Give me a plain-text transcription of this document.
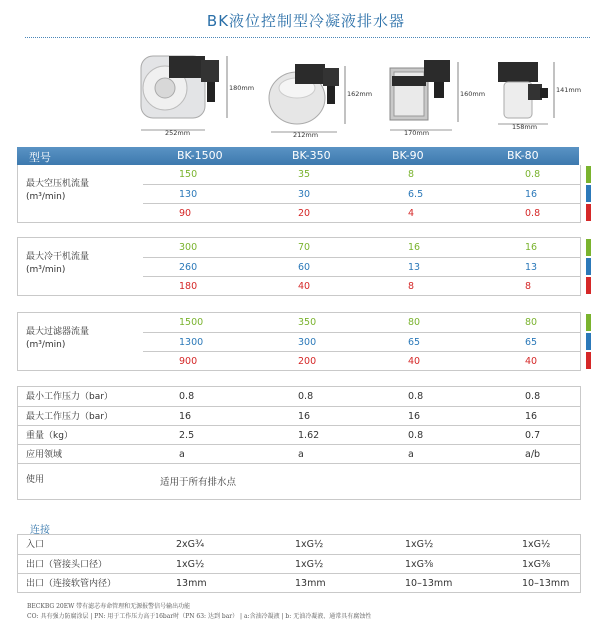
BK液位控制型冷凝液排水器
252mm
180mm
212mm
162mm
170mm
160mm
158mm
141mm
型号	BK-1500	BK-350	BK-90	BK-80
最大空压机流量
(m³/min)
150	35	8	0.8
130	30	6.5	16
90	20	4	0.8
最大冷干机流量
(m³/min)
300	70	16	16
260	60	13	13
180	40	8	8
最大过滤器流量
(m³/min)
1500	350	80	80
1300	300	65	65
900	200	40	40
最小工作压力（bar）	0.8	0.8	0.8	0.8
最大工作压力（bar）	16	16	16	16
重量（kg）	2.5	1.62	0.8	0.7
应用领域	a	a	a	a/b
使用	适用于所有排水点
连接
入口	2xG¾	1xG½	1xG½	1xG½
出口（管接头口径）	1xG½	1xG½	1xG⅜	1xG⅜
出口（连接软管内径）	13mm	13mm	10–13mm	10–13mm
BECKBG 20EW 带有滤芯寿命管理和无源报警信号输出功能
CO: 具有强力防腐涂层 | PN: 用于工作压力高于16bar时（PN 63: 达到 bar） | a:含油冷凝液 | b: 无油冷凝液、通常具有腐蚀性
